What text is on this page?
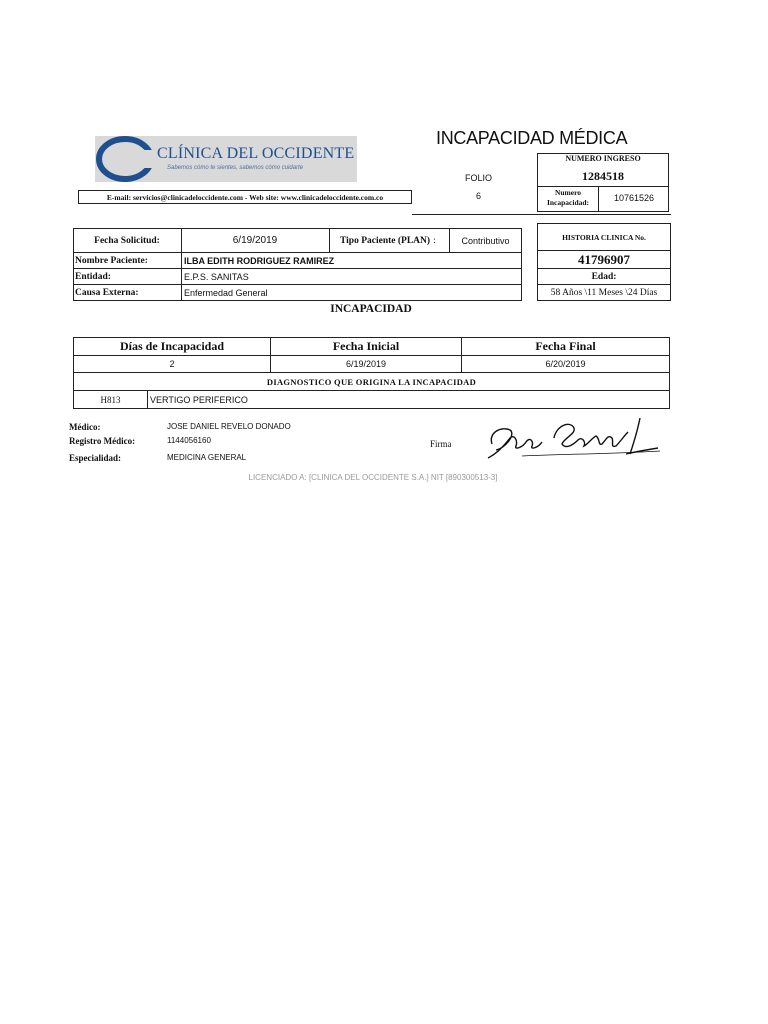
CLÍNICA DEL OCCIDENTE
Sabemos cómo te sientes, sabemos cómo cuidarte
E-mail: servicios@clinicadeloccidente.com - Web site: www.clinicadeloccidente.com.co
INCAPACIDAD MÉDICA
FOLIO
6
NUMERO INGRESO
1284518
Numero Incapacidad:	10761526
Fecha Solicitud:	6/19/2019	Tipo Paciente (PLAN) :	Contributivo
Nombre Paciente:	ILBA EDITH RODRIGUEZ RAMIREZ
Entidad:	E.P.S. SANITAS
Causa Externa:	Enfermedad General
HISTORIA CLINICA No.
41796907
Edad:
58 Años \11 Meses \24 Días
INCAPACIDAD
Días de Incapacidad	Fecha Inicial	Fecha Final
2	6/19/2019	6/20/2019
DIAGNOSTICO QUE ORIGINA LA INCAPACIDAD
H813	VERTIGO PERIFERICO
Médico:	JOSE DANIEL REVELO DONADO
Registro Médico:	1144056160
Especialidad:	MEDICINA GENERAL
Firma
LICENCIADO A: [CLINICA DEL OCCIDENTE S.A.] NIT [890300513-3]
